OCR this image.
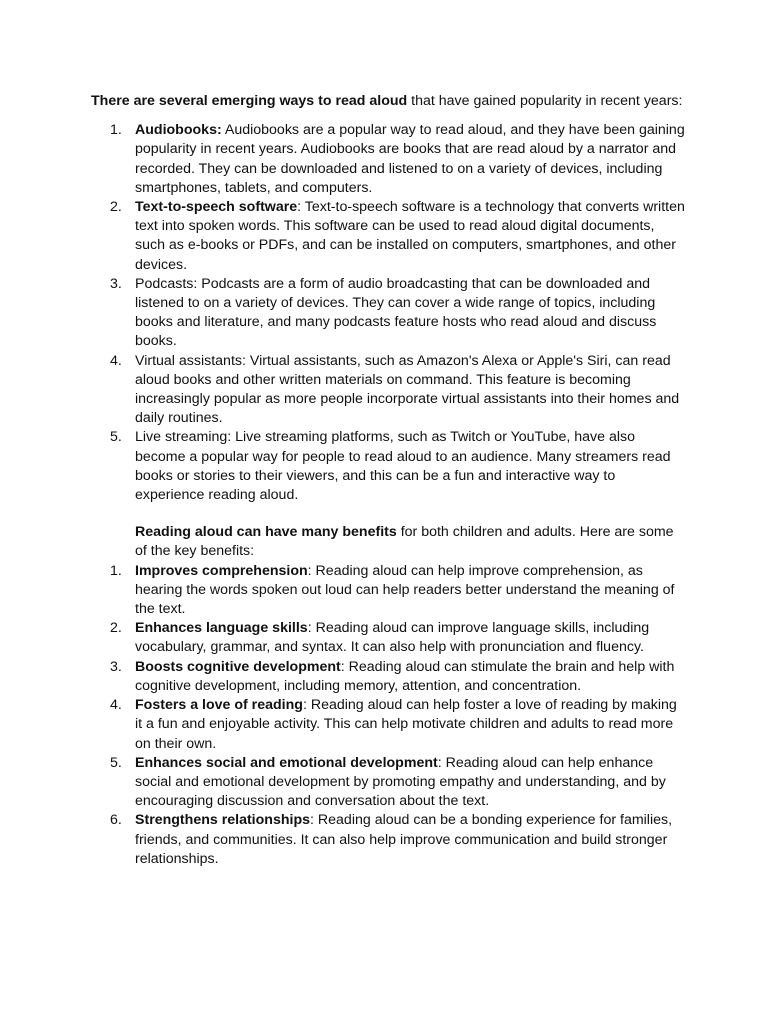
There are several emerging ways to read aloud that have gained popularity in recent years:

1. Audiobooks: Audiobooks are a popular way to read aloud, and they have been gaining popularity in recent years. Audiobooks are books that are read aloud by a narrator and recorded. They can be downloaded and listened to on a variety of devices, including smartphones, tablets, and computers.
2. Text-to-speech software: Text-to-speech software is a technology that converts written text into spoken words. This software can be used to read aloud digital documents, such as e-books or PDFs, and can be installed on computers, smartphones, and other devices.
3. Podcasts: Podcasts are a form of audio broadcasting that can be downloaded and listened to on a variety of devices. They can cover a wide range of topics, including books and literature, and many podcasts feature hosts who read aloud and discuss books.
4. Virtual assistants: Virtual assistants, such as Amazon's Alexa or Apple's Siri, can read aloud books and other written materials on command. This feature is becoming increasingly popular as more people incorporate virtual assistants into their homes and daily routines.
5. Live streaming: Live streaming platforms, such as Twitch or YouTube, have also become a popular way for people to read aloud to an audience. Many streamers read books or stories to their viewers, and this can be a fun and interactive way to experience reading aloud.

Reading aloud can have many benefits for both children and adults. Here are some of the key benefits:

1. Improves comprehension: Reading aloud can help improve comprehension, as hearing the words spoken out loud can help readers better understand the meaning of the text.
2. Enhances language skills: Reading aloud can improve language skills, including vocabulary, grammar, and syntax. It can also help with pronunciation and fluency.
3. Boosts cognitive development: Reading aloud can stimulate the brain and help with cognitive development, including memory, attention, and concentration.
4. Fosters a love of reading: Reading aloud can help foster a love of reading by making it a fun and enjoyable activity. This can help motivate children and adults to read more on their own.
5. Enhances social and emotional development: Reading aloud can help enhance social and emotional development by promoting empathy and understanding, and by encouraging discussion and conversation about the text.
6. Strengthens relationships: Reading aloud can be a bonding experience for families, friends, and communities. It can also help improve communication and build stronger relationships.
